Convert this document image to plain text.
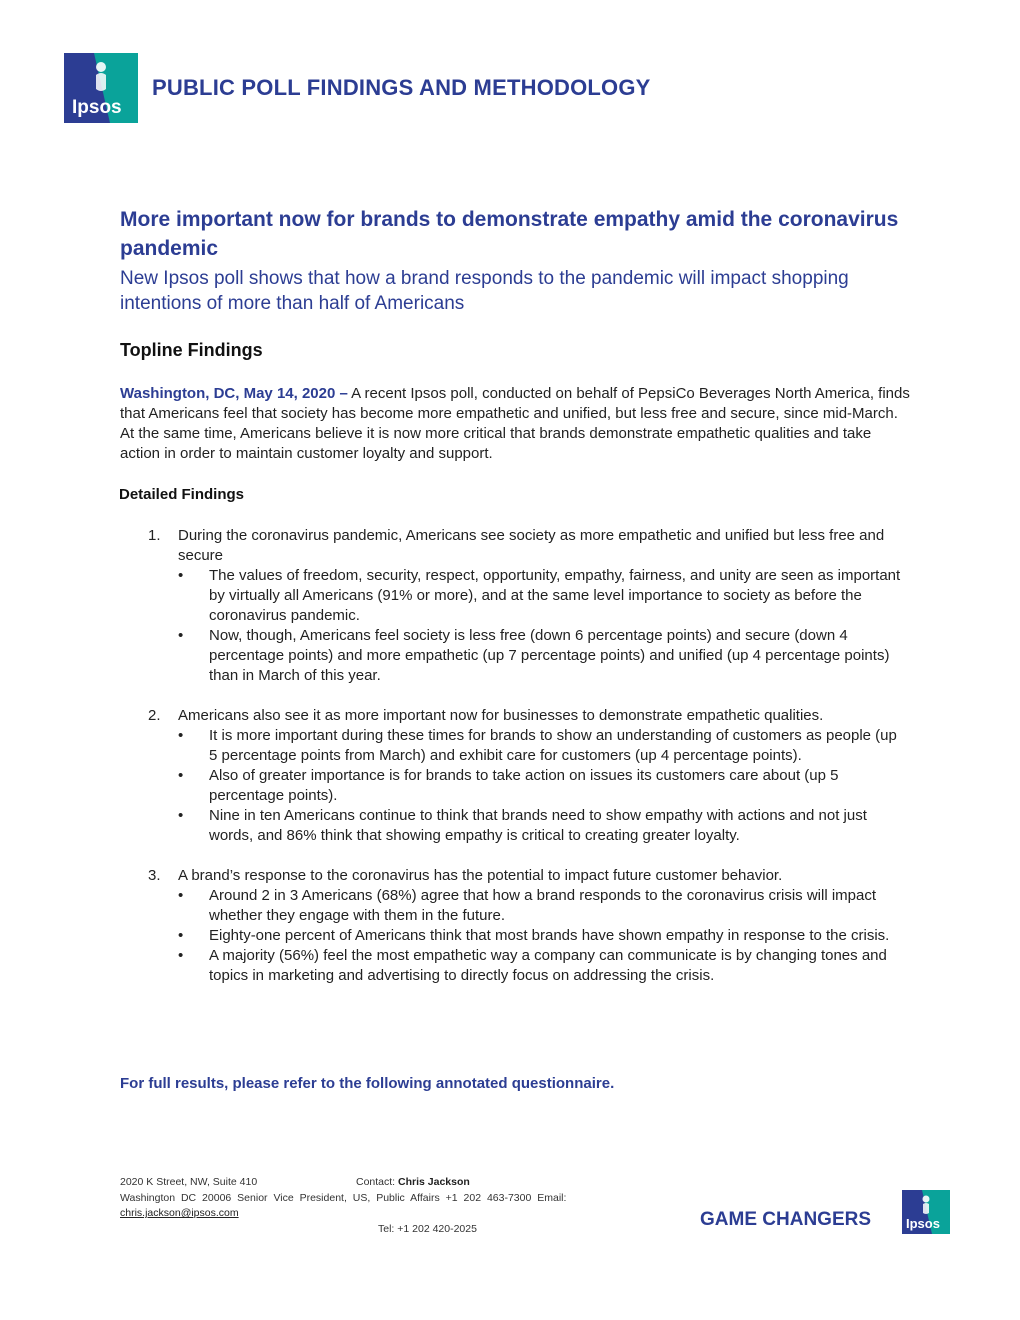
Ipsos
PUBLIC POLL FINDINGS AND METHODOLOGY
More important now for brands to demonstrate empathy amid the coronavirus pandemic
New Ipsos poll shows that how a brand responds to the pandemic will impact shopping intentions of more than half of Americans
Topline Findings
Washington, DC, May 14, 2020 – A recent Ipsos poll, conducted on behalf of PepsiCo Beverages North America, finds that Americans feel that society has become more empathetic and unified, but less free and secure, since mid-March. At the same time, Americans believe it is now more critical that brands demonstrate empathetic qualities and take action in order to maintain customer loyalty and support.
Detailed Findings
1.	During the coronavirus pandemic, Americans see society as more empathetic and unified but less free and secure
•	The values of freedom, security, respect, opportunity, empathy, fairness, and unity are seen as important by virtually all Americans (91% or more), and at the same level importance to society as before the coronavirus pandemic.
•	Now, though, Americans feel society is less free (down 6 percentage points) and secure (down 4 percentage points) and more empathetic (up 7 percentage points) and unified (up 4 percentage points) than in March of this year.
2.	Americans also see it as more important now for businesses to demonstrate empathetic qualities.
•	It is more important during these times for brands to show an understanding of customers as people (up 5 percentage points from March) and exhibit care for customers (up 4 percentage points).
•	Also of greater importance is for brands to take action on issues its customers care about (up 5 percentage points).
•	Nine in ten Americans continue to think that brands need to show empathy with actions and not just words, and 86% think that showing empathy is critical to creating greater loyalty.
3.	A brand’s response to the coronavirus has the potential to impact future customer behavior.
•	Around 2 in 3 Americans (68%) agree that how a brand responds to the coronavirus crisis will impact whether they engage with them in the future.
•	Eighty-one percent of Americans think that most brands have shown empathy in response to the crisis.
•	A majority (56%) feel the most empathetic way a company can communicate is by changing tones and topics in marketing and advertising to directly focus on addressing the crisis.
For full results, please refer to the following annotated questionnaire.
2020 K Street, NW, Suite 410	Contact: Chris Jackson
Washington DC 20006 Senior Vice President, US, Public Affairs +1 202 463-7300 Email:
chris.jackson@ipsos.com
Tel: +1 202 420-2025	GAME CHANGERS	Ipsos
